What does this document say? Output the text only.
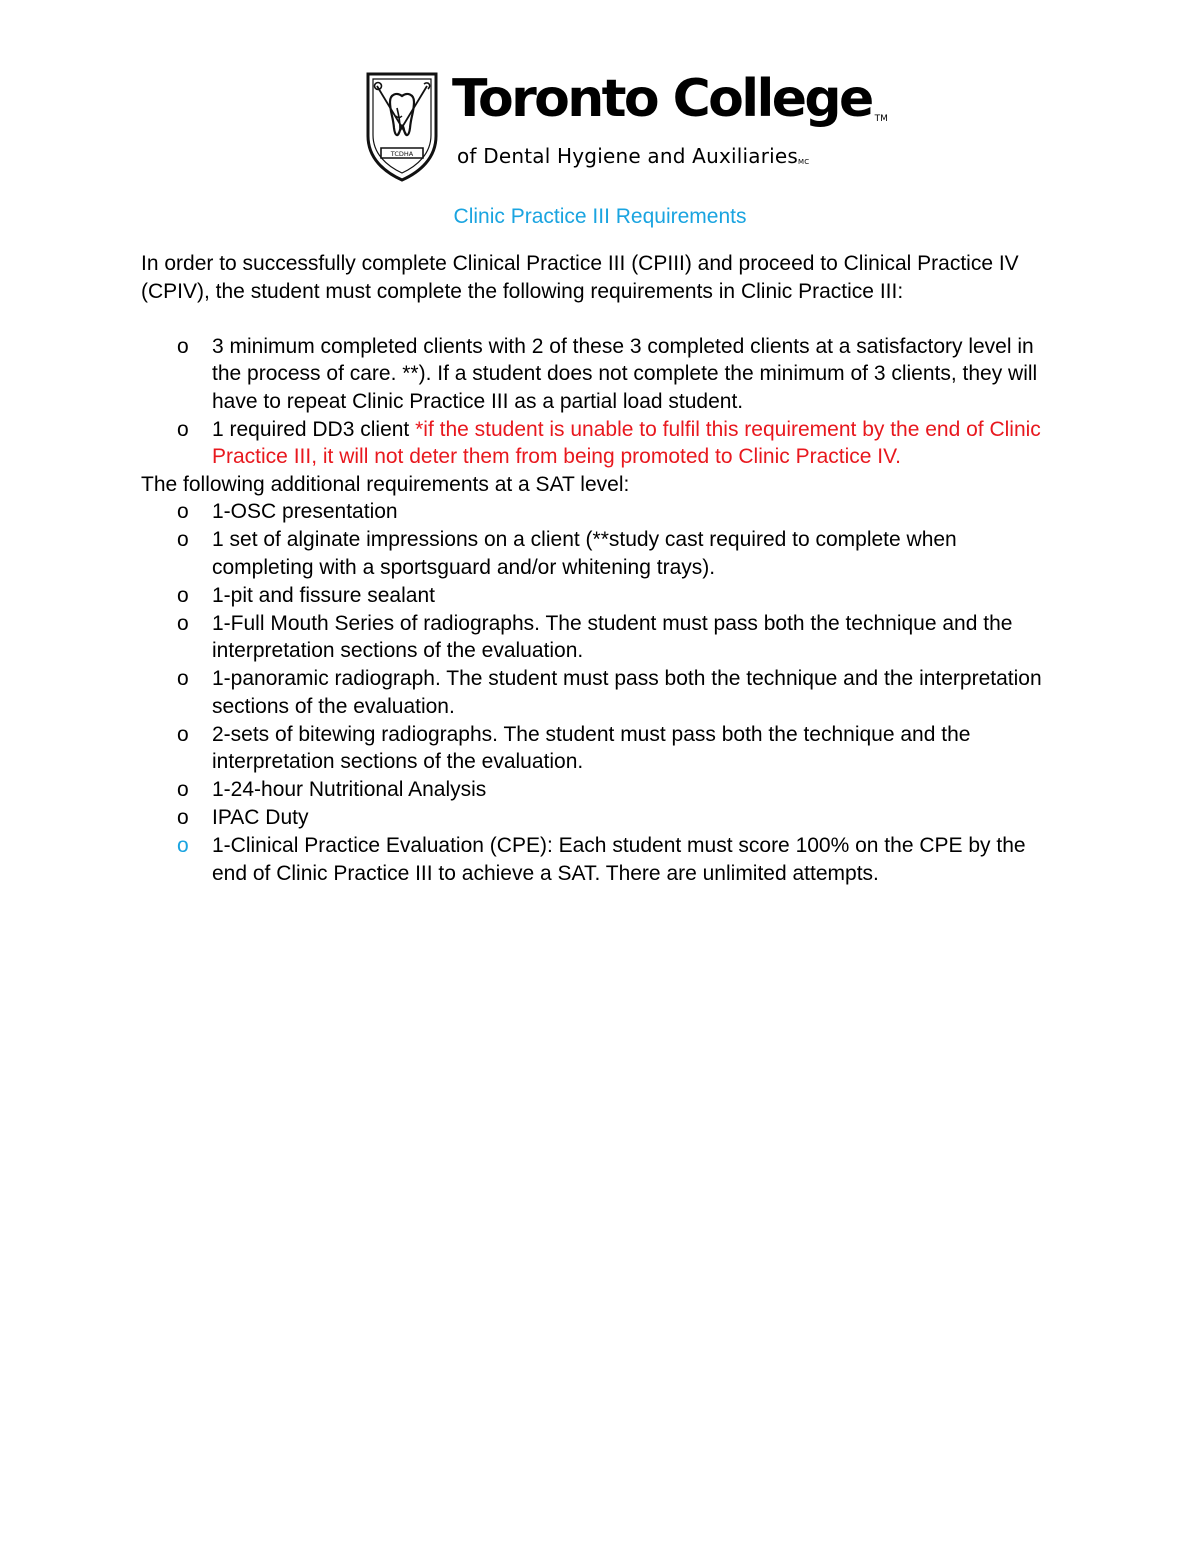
TCDHA
Toronto College ™
of Dental Hygiene and Auxiliaries$^{MC}$
Clinic Practice III Requirements

In order to successfully complete Clinical Practice III (CPIII) and proceed to Clinical Practice IV (CPIV), the student must complete the following requirements in Clinic Practice III:

o 3 minimum completed clients with 2 of these 3 completed clients at a satisfactory level in the process of care. **). If a student does not complete the minimum of 3 clients, they will have to repeat Clinic Practice III as a partial load student.
o 1 required DD3 client *if the student is unable to fulfil this requirement by the end of Clinic Practice III, it will not deter them from being promoted to Clinic Practice IV.

The following additional requirements at a SAT level:

o 1-OSC presentation
o 1 set of alginate impressions on a client (**study cast required to complete when completing with a sportsguard and/or whitening trays).
o 1-pit and fissure sealant
o 1-Full Mouth Series of radiographs. The student must pass both the technique and the interpretation sections of the evaluation.
o 1-panoramic radiograph. The student must pass both the technique and the interpretation sections of the evaluation.
o 2-sets of bitewing radiographs. The student must pass both the technique and the interpretation sections of the evaluation.
o 1-24-hour Nutritional Analysis
o IPAC Duty
o 1-Clinical Practice Evaluation (CPE): Each student must score 100% on the CPE by the end of Clinic Practice III to achieve a SAT. There are unlimited attempts.
